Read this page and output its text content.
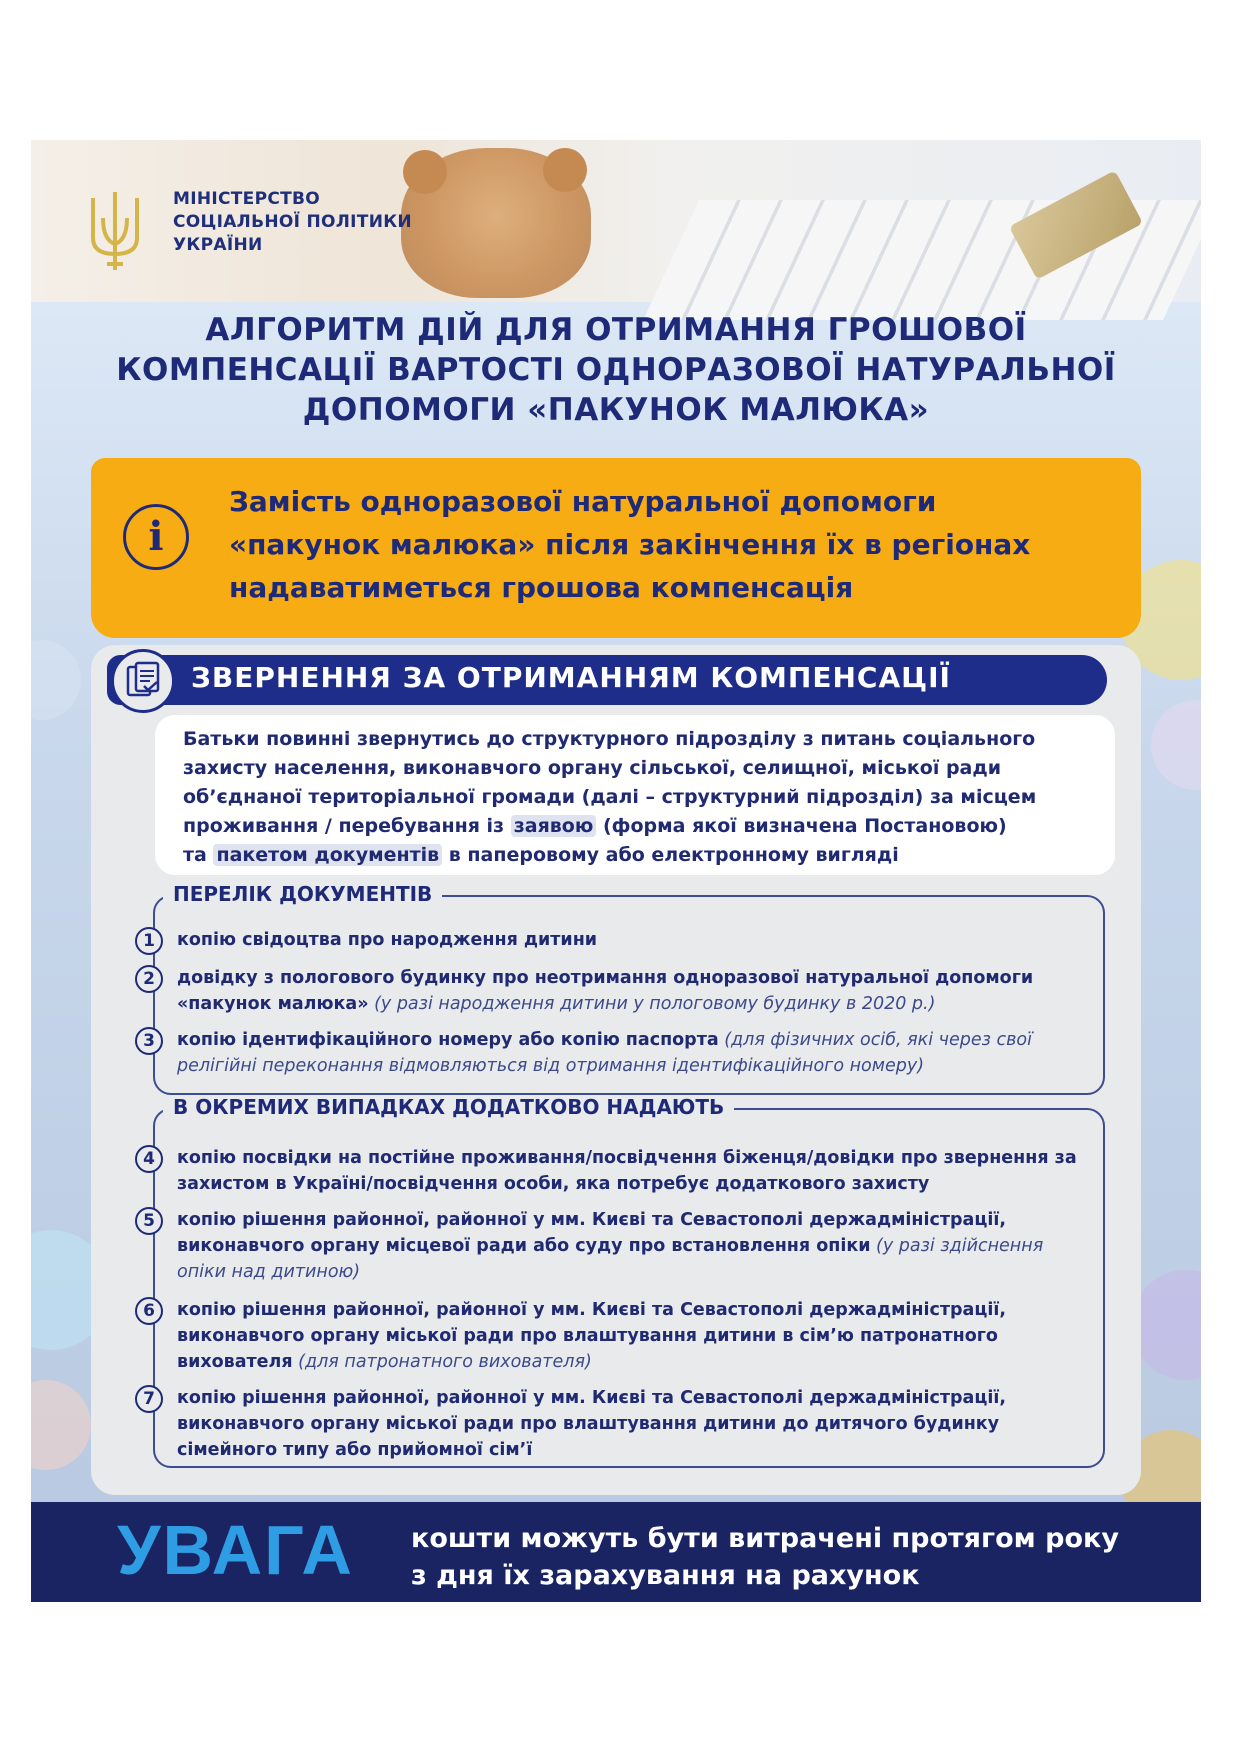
МІНІСТЕРСТВО
СОЦІАЛЬНОЇ ПОЛІТИКИ
УКРАЇНИ
АЛГОРИТМ ДІЙ ДЛЯ ОТРИМАННЯ ГРОШОВОЇ
КОМПЕНСАЦІЇ ВАРТОСТІ ОДНОРАЗОВОЇ НАТУРАЛЬНОЇ
ДОПОМОГИ «ПАКУНОК МАЛЮКА»
i
Замість одноразової натуральної допомоги
«пакунок малюка» після закінчення їх в регіонах
надаватиметься грошова компенсація
ЗВЕРНЕННЯ ЗА ОТРИМАННЯМ КОМПЕНСАЦІЇ
Батьки повинні звернутись до структурного підрозділу з питань соціального
захисту населення, виконавчого органу сільської, селищної, міської ради
об’єднаної територіальної громади (далі – структурний підрозділ) за місцем
проживання / перебування із заявою (форма якої визначена Постановою)
та пакетом документів в паперовому або електронному вигляді
ПЕРЕЛІК ДОКУМЕНТІВ
1	копію свідоцтва про народження дитини
2	довідку з пологового будинку про неотримання одноразової натуральної допомоги «пакунок малюка» (у разі народження дитини у пологовому будинку в 2020 р.)
3	копію ідентифікаційного номеру або копію паспорта (для фізичних осіб, які через свої релігійні переконання відмовляються від отримання ідентифікаційного номеру)
В ОКРЕМИХ ВИПАДКАХ ДОДАТКОВО НАДАЮТЬ
4	копію посвідки на постійне проживання/посвідчення біженця/довідки про звернення за захистом в Україні/посвідчення особи, яка потребує додаткового захисту
5	копію рішення районної, районної у мм. Києві та Севастополі держадміністрації, виконавчого органу місцевої ради або суду про встановлення опіки (у разі здійснення опіки над дитиною)
6	копію рішення районної, районної у мм. Києві та Севастополі держадміністрації, виконавчого органу міської ради про влаштування дитини в сім’ю патронатного вихователя (для патронатного вихователя)
7	копію рішення районної, районної у мм. Києві та Севастополі держадміністрації, виконавчого органу міської ради про влаштування дитини до дитячого будинку сімейного типу або прийомної сім’ї
УВАГА кошти можуть бути витрачені протягом року
з дня їх зарахування на рахунок
